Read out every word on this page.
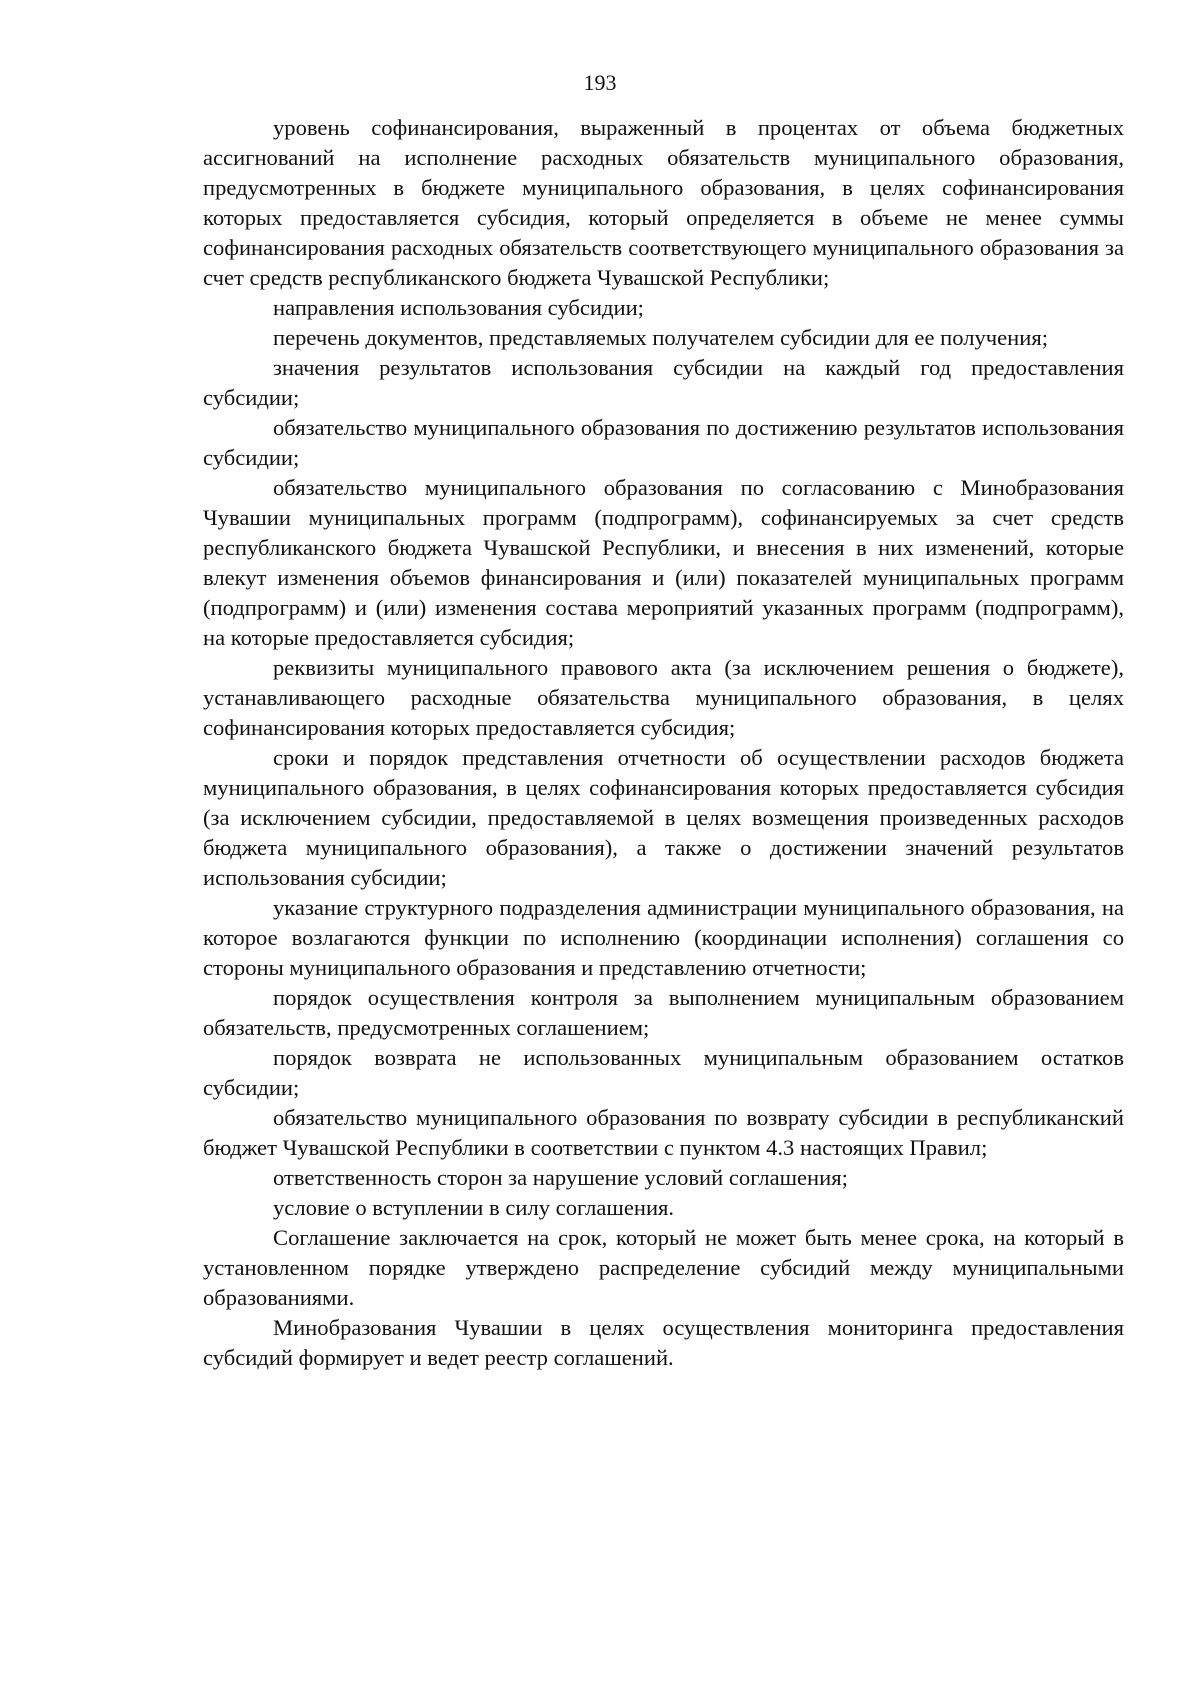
193

уровень софинансирования, выраженный в процентах от объема бюджетных ассигнований на исполнение расходных обязательств муниципального образования, предусмотренных в бюджете муниципального образования, в целях софинансирования которых предоставляется субсидия, который определяется в объеме не менее суммы софинансирования расходных обязательств соответствующего муниципального образования за счет средств республиканского бюджета Чувашской Республики;

направления использования субсидии;

перечень документов, представляемых получателем субсидии для ее получения;

значения результатов использования субсидии на каждый год предоставления субсидии;

обязательство муниципального образования по достижению результатов использования субсидии;

обязательство муниципального образования по согласованию с Минобразования Чувашии муниципальных программ (подпрограмм), софинансируемых за счет средств республиканского бюджета Чувашской Республики, и внесения в них изменений, которые влекут изменения объемов финансирования и (или) показателей муниципальных программ (подпрограмм) и (или) изменения состава мероприятий указанных программ (подпрограмм), на которые предоставляется субсидия;

реквизиты муниципального правового акта (за исключением решения о бюджете), устанавливающего расходные обязательства муниципального образования, в целях софинансирования которых предоставляется субсидия;

сроки и порядок представления отчетности об осуществлении расходов бюджета муниципального образования, в целях софинансирования которых предоставляется субсидия (за исключением субсидии, предоставляемой в целях возмещения произведенных расходов бюджета муниципального образования), а также о достижении значений результатов использования субсидии;

указание структурного подразделения администрации муниципального образования, на которое возлагаются функции по исполнению (координации исполнения) соглашения со стороны муниципального образования и представлению отчетности;

порядок осуществления контроля за выполнением муниципальным образованием обязательств, предусмотренных соглашением;

порядок возврата не использованных муниципальным образованием остатков субсидии;

обязательство муниципального образования по возврату субсидии в республиканский бюджет Чувашской Республики в соответствии с пунктом 4.3 настоящих Правил;

ответственность сторон за нарушение условий соглашения;

условие о вступлении в силу соглашения.

Соглашение заключается на срок, который не может быть менее срока, на который в установленном порядке утверждено распределение субсидий между муниципальными образованиями.

Минобразования Чувашии в целях осуществления мониторинга предоставления субсидий формирует и ведет реестр соглашений.
